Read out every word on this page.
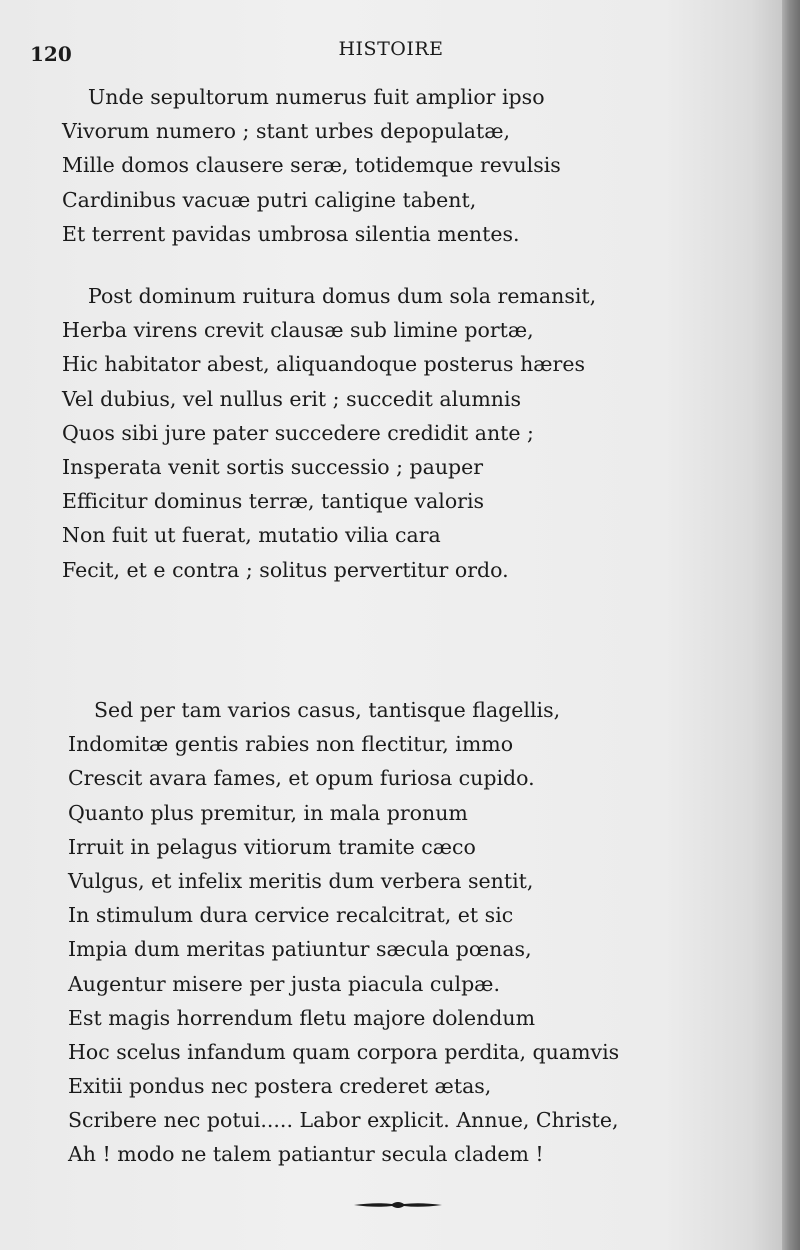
120	HISTOIRE
Unde sepultorum numerus fuit amplior ipso
Vivorum numero ; stant urbes depopulatæ,
Mille domos clausere seræ, totidemque revulsis
Cardinibus vacuæ putri caligine tabent,
Et terrent pavidas umbrosa silentia mentes.
Post dominum ruitura domus dum sola remansit,
Herba virens crevit clausæ sub limine portæ,
Hic habitator abest, aliquandoque posterus hæres
Vel dubius, vel nullus erit ; succedit alumnis
Quos sibi jure pater succedere credidit ante ;
Insperata venit sortis successio ; pauper
Efficitur dominus terræ, tantique valoris
Non fuit ut fuerat, mutatio vilia cara
Fecit, et e contra ; solitus pervertitur ordo.
Sed per tam varios casus, tantisque flagellis,
Indomitæ gentis rabies non flectitur, immo
Crescit avara fames, et opum furiosa cupido.
Quanto plus premitur, in mala pronum
Irruit in pelagus vitiorum tramite cæco
Vulgus, et infelix meritis dum verbera sentit,
In stimulum dura cervice recalcitrat, et sic
Impia dum meritas patiuntur sæcula pœnas,
Augentur misere per justa piacula culpæ.
Est magis horrendum fletu majore dolendum
Hoc scelus infandum quam corpora perdita, quamvis
Exitii pondus nec postera crederet ætas,
Scribere nec potui..... Labor explicit. Annue, Christe,
Ah ! modo ne talem patiantur secula cladem !
